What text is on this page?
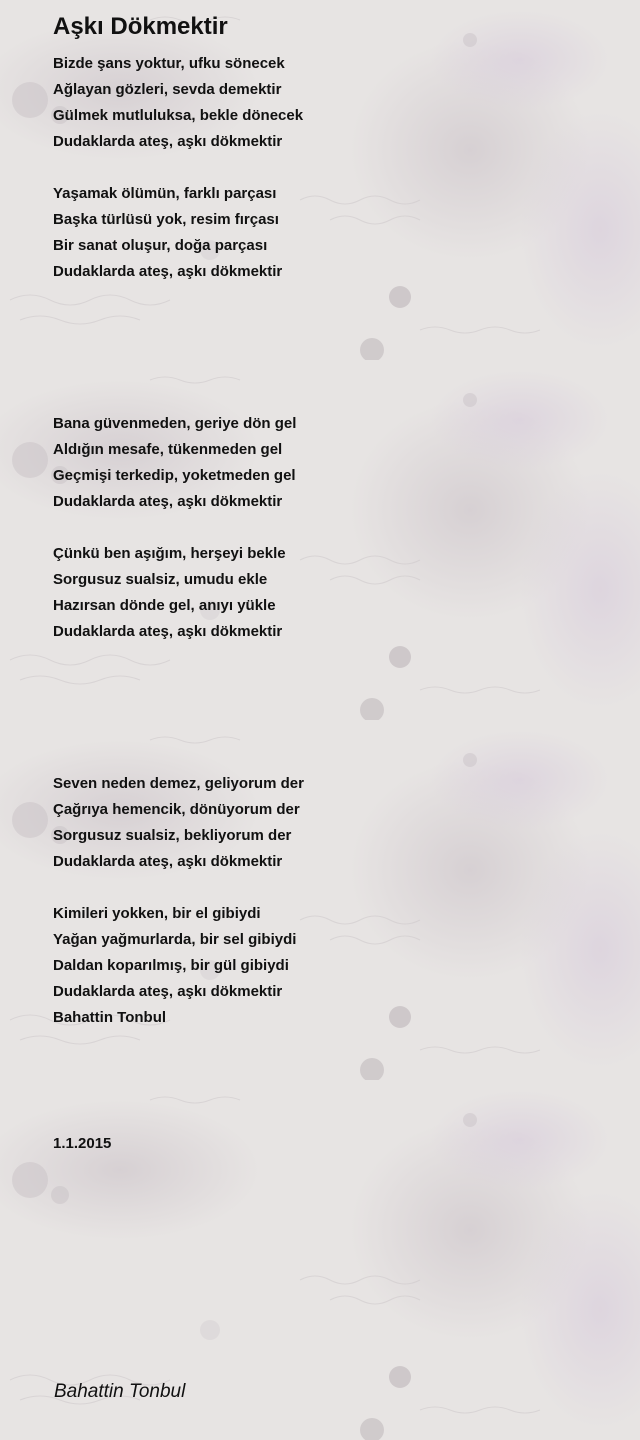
Aşkı Dökmektir
Bizde şans yoktur, ufku sönecek
Ağlayan gözleri, sevda demektir
Gülmek mutluluksa, bekle dönecek
Dudaklarda ateş, aşkı dökmektir
Yaşamak ölümün, farklı parçası
Başka türlüsü yok, resim fırçası
Bir sanat oluşur, doğa parçası
Dudaklarda ateş, aşkı dökmektir
Bana güvenmeden, geriye dön gel
Aldığın mesafe, tükenmeden gel
Geçmişi terkedip, yoketmeden gel
Dudaklarda ateş, aşkı dökmektir
Çünkü ben aşığım, herşeyi bekle
Sorgusuz sualsiz, umudu ekle
Hazırsan dönde gel, anıyı yükle
Dudaklarda ateş, aşkı dökmektir
Seven neden demez, geliyorum der
Çağrıya hemencik, dönüyorum der
Sorgusuz sualsiz, bekliyorum der
Dudaklarda ateş, aşkı dökmektir
Kimileri yokken, bir el gibiydi
Yağan yağmurlarda, bir sel gibiydi
Daldan koparılmış, bir gül gibiydi
Dudaklarda ateş, aşkı dökmektir
Bahattin Tonbul
1.1.2015
Bahattin Tonbul
